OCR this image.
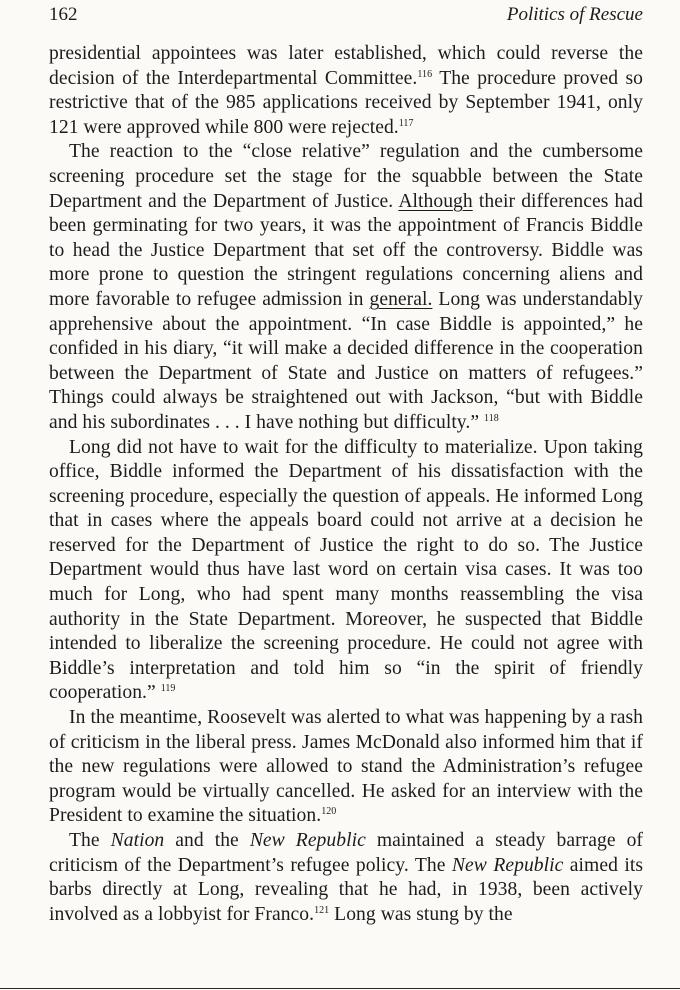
162	Politics of Rescue

presidential appointees was later established, which could reverse the decision of the Interdepartmental Committee.$^{116}$ The procedure proved so restrictive that of the 985 applications received by September 1941, only 121 were approved while 800 were rejected.$^{117}$

The reaction to the “close relative” regulation and the cumbersome screening procedure set the stage for the squabble between the State Department and the Department of Justice. Although their differences had been germinating for two years, it was the appointment of Francis Biddle to head the Justice Department that set off the controversy. Biddle was more prone to question the stringent regulations concerning aliens and more favorable to refugee admission in general. Long was understandably apprehensive about the appointment. “In case Biddle is appointed,” he confided in his diary, “it will make a decided difference in the cooperation between the Department of State and Justice on matters of refugees.” Things could always be straightened out with Jackson, “but with Biddle and his subordinates . . . I have nothing but difficulty.” $^{118}$

Long did not have to wait for the difficulty to materialize. Upon taking office, Biddle informed the Department of his dissatisfaction with the screening procedure, especially the question of appeals. He informed Long that in cases where the appeals board could not arrive at a decision he reserved for the Department of Justice the right to do so. The Justice Department would thus have last word on certain visa cases. It was too much for Long, who had spent many months reassembling the visa authority in the State Department. Moreover, he suspected that Biddle intended to liberalize the screening procedure. He could not agree with Biddle’s interpretation and told him so “in the spirit of friendly cooperation.” $^{119}$

In the meantime, Roosevelt was alerted to what was happening by a rash of criticism in the liberal press. James McDonald also informed him that if the new regulations were allowed to stand the Administration’s refugee program would be virtually cancelled. He asked for an interview with the President to examine the situation.$^{120}$

The Nation and the New Republic maintained a steady barrage of criticism of the Department’s refugee policy. The New Republic aimed its barbs directly at Long, revealing that he had, in 1938, been actively involved as a lobbyist for Franco.$^{121}$ Long was stung by the
